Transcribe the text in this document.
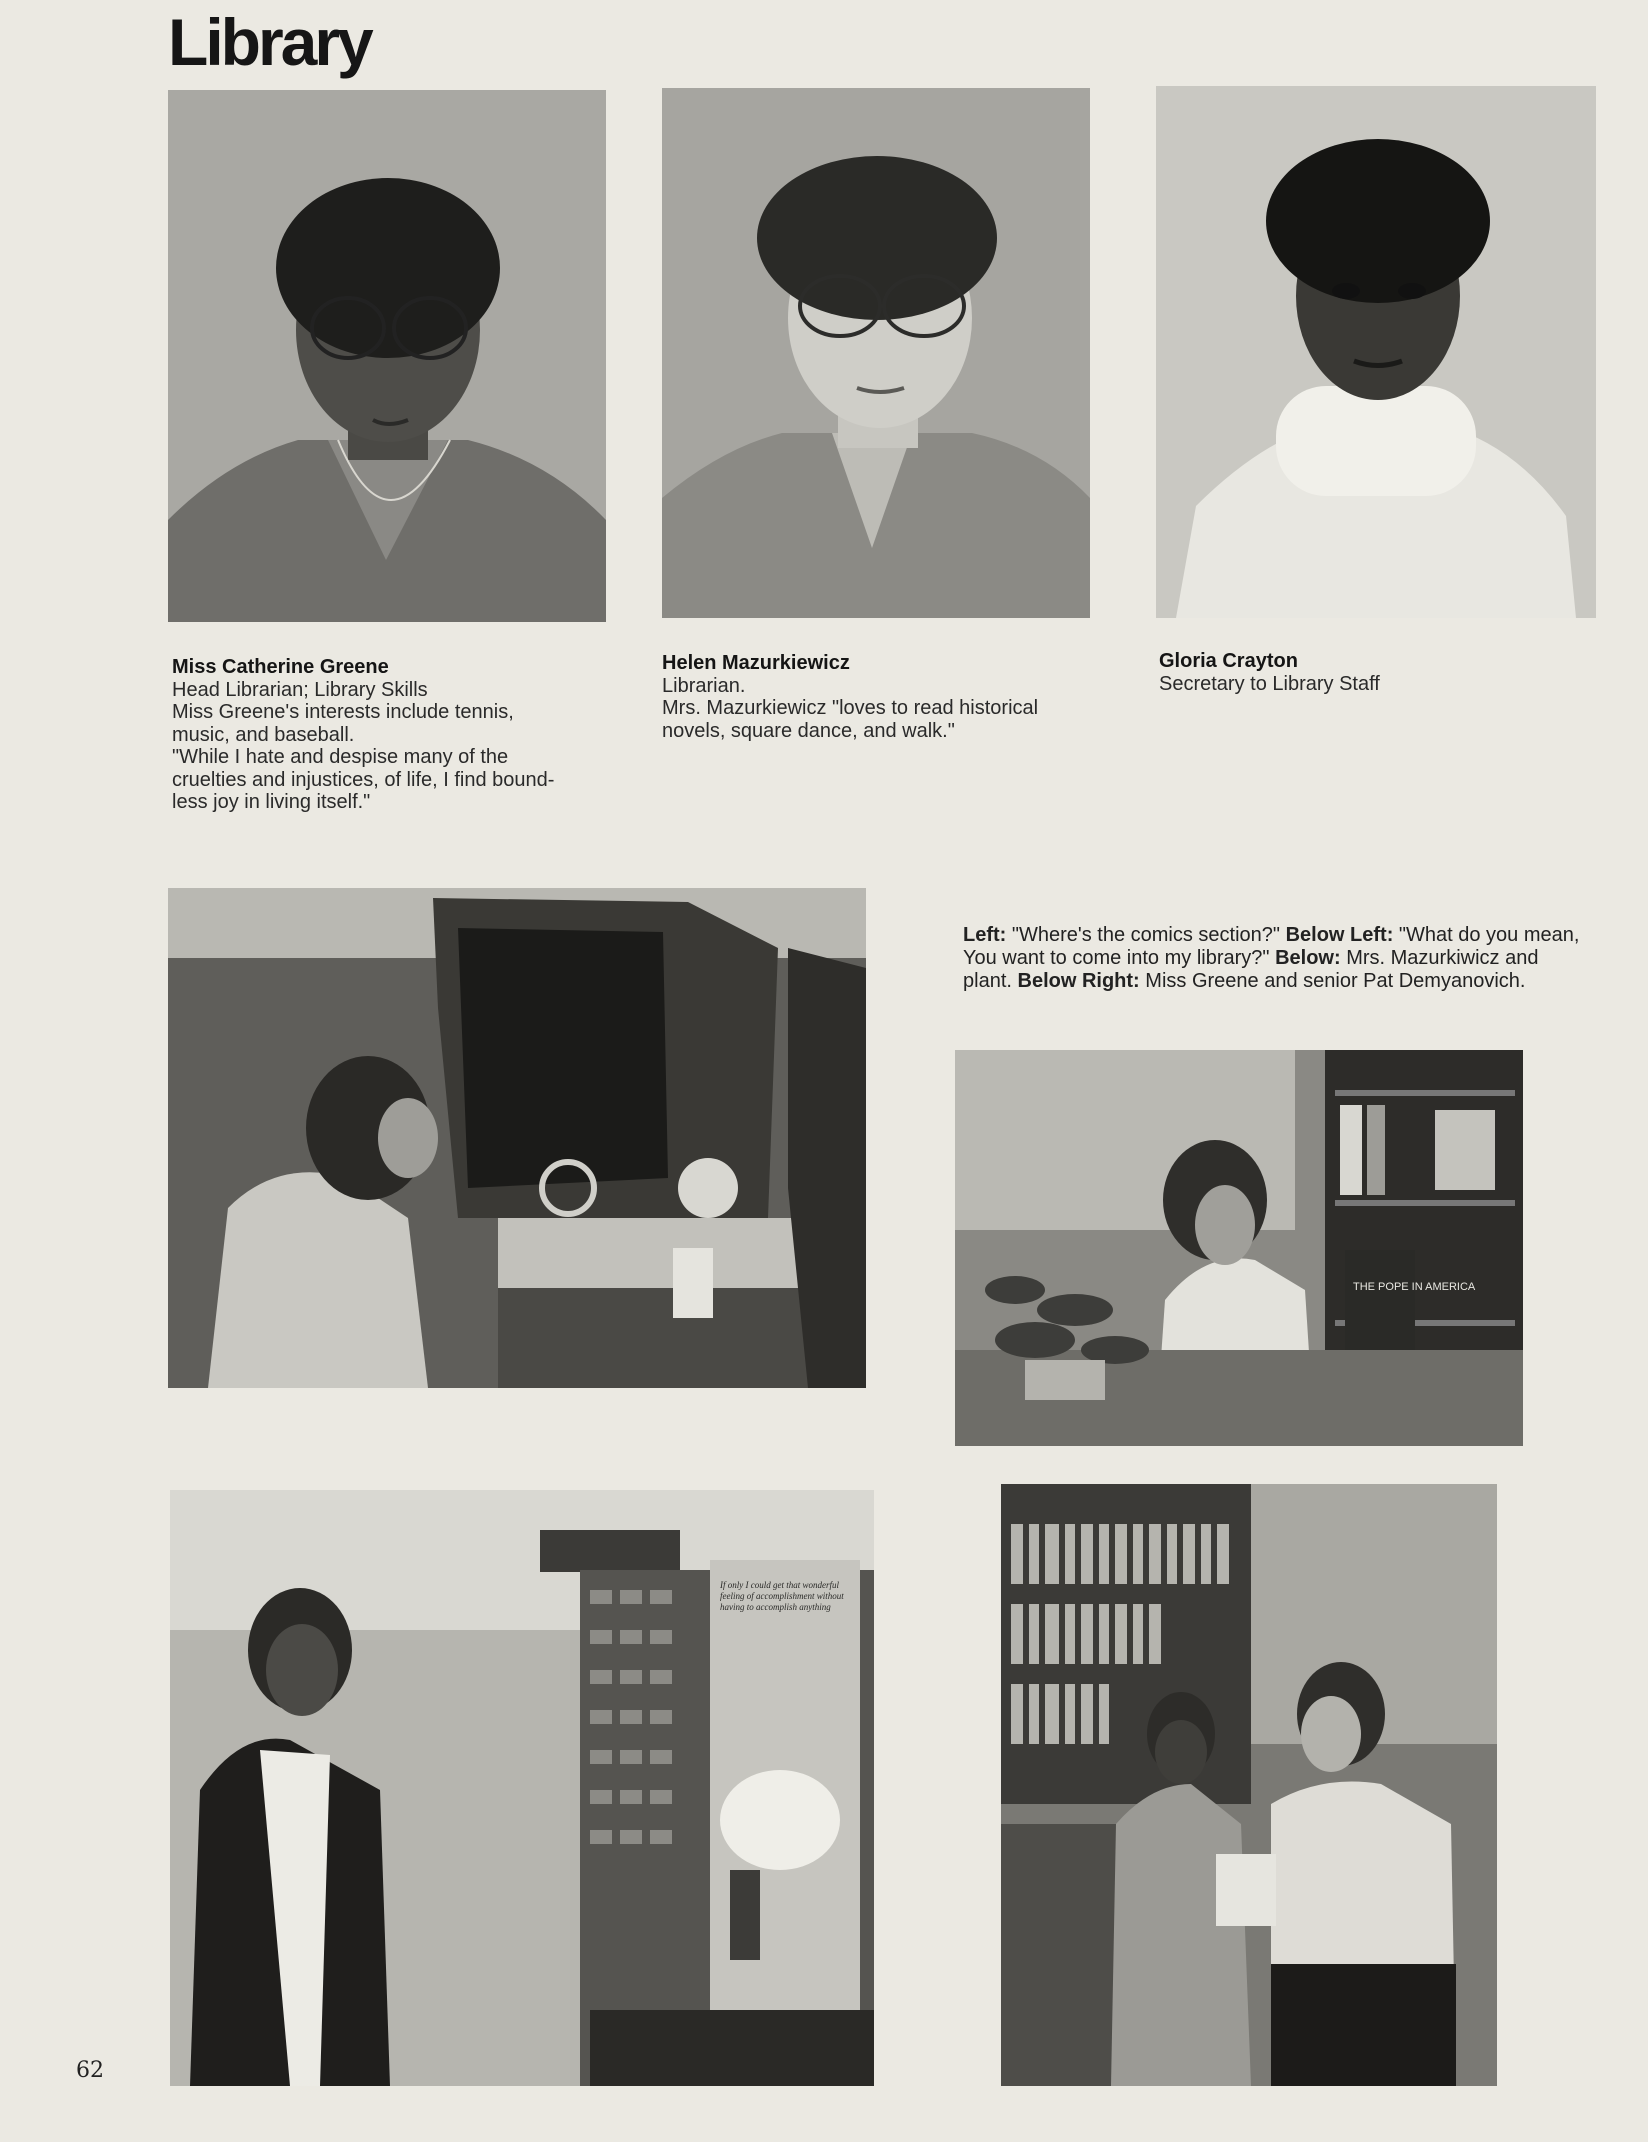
Library
Miss Catherine Greene
Head Librarian; Library Skills
Miss Greene's interests include tennis,
music, and baseball.
"While I hate and despise many of the
cruelties and injustices, of life, I find bound-
less joy in living itself."
Helen Mazurkiewicz
Librarian.
Mrs. Mazurkiewicz "loves to read historical
novels, square dance, and walk."
Gloria Crayton
Secretary to Library Staff
Left: "Where's the comics section?" Below Left: "What do you mean, You want to come into my library?" Below: Mrs. Mazurkiwicz and plant. Below Right: Miss Greene and senior Pat Demyanovich.
THE POPE IN AMERICA
If only I could get that wonderful feeling of accomplishment without having to accomplish anything
62
